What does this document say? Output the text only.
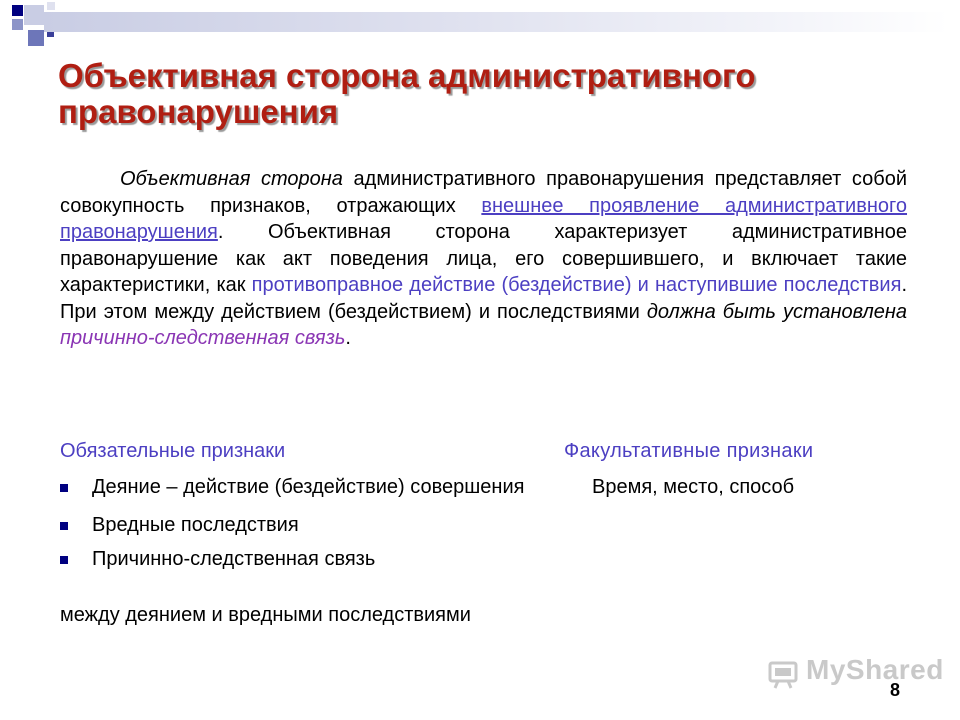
Объективная сторона административного правонарушения

Объективная сторона административного правонарушения представляет собой совокупность признаков, отражающих внешнее проявление административного правонарушения. Объективная сторона характеризует административное правонарушение как акт поведения лица, его совершившего, и включает такие характеристики, как противоправное действие (бездействие) и наступившие последствия. При этом между действием (бездействием) и последствиями должна быть установлена причинно-следственная связь.

Обязательные признаки	Факультативные признаки

Деяние – действие (бездействие) совершения
Вредные последствия
Причинно-следственная связь

между деянием и вредными последствиями

Время, место, способ

MyShared
8
